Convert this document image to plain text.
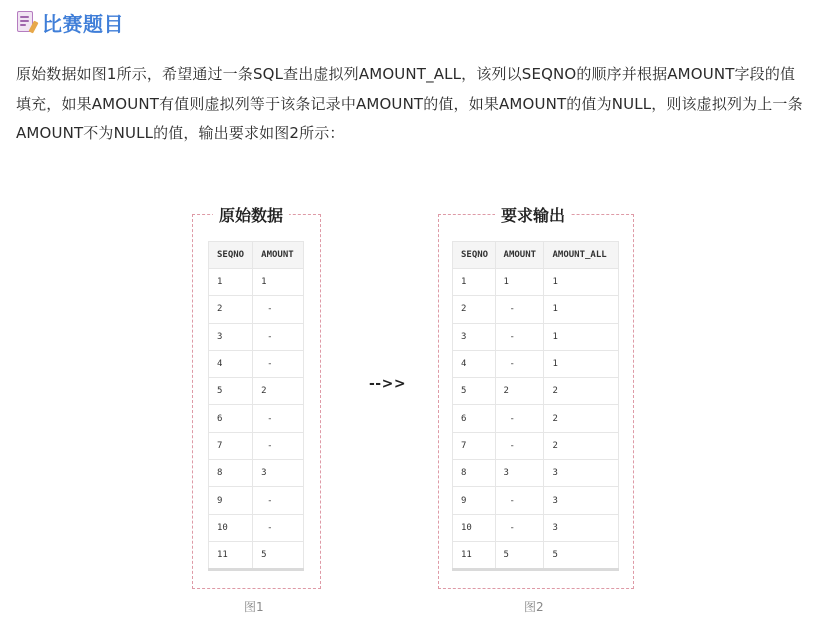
比赛题目

原始数据如图1所示，希望通过一条SQL查出虚拟列AMOUNT_ALL，该列以SEQNO的顺序并根据AMOUNT字段的值填充，如果AMOUNT有值则虚拟列等于该条记录中AMOUNT的值，如果AMOUNT的值为NULL，则该虚拟列为上一条AMOUNT不为NULL的值，输出要求如图2所示：

原始数据
SEQNO	AMOUNT
1	1
2	-
3	-
4	-
5	2
6	-
7	-
8	3
9	-
10	-
11	5
-->>
要求输出
SEQNO	AMOUNT	AMOUNT_ALL
1	1	1
2	-	1
3	-	1
4	-	1
5	2	2
6	-	2
7	-	2
8	3	3
9	-	3
10	-	3
11	5	5
图1	图2
